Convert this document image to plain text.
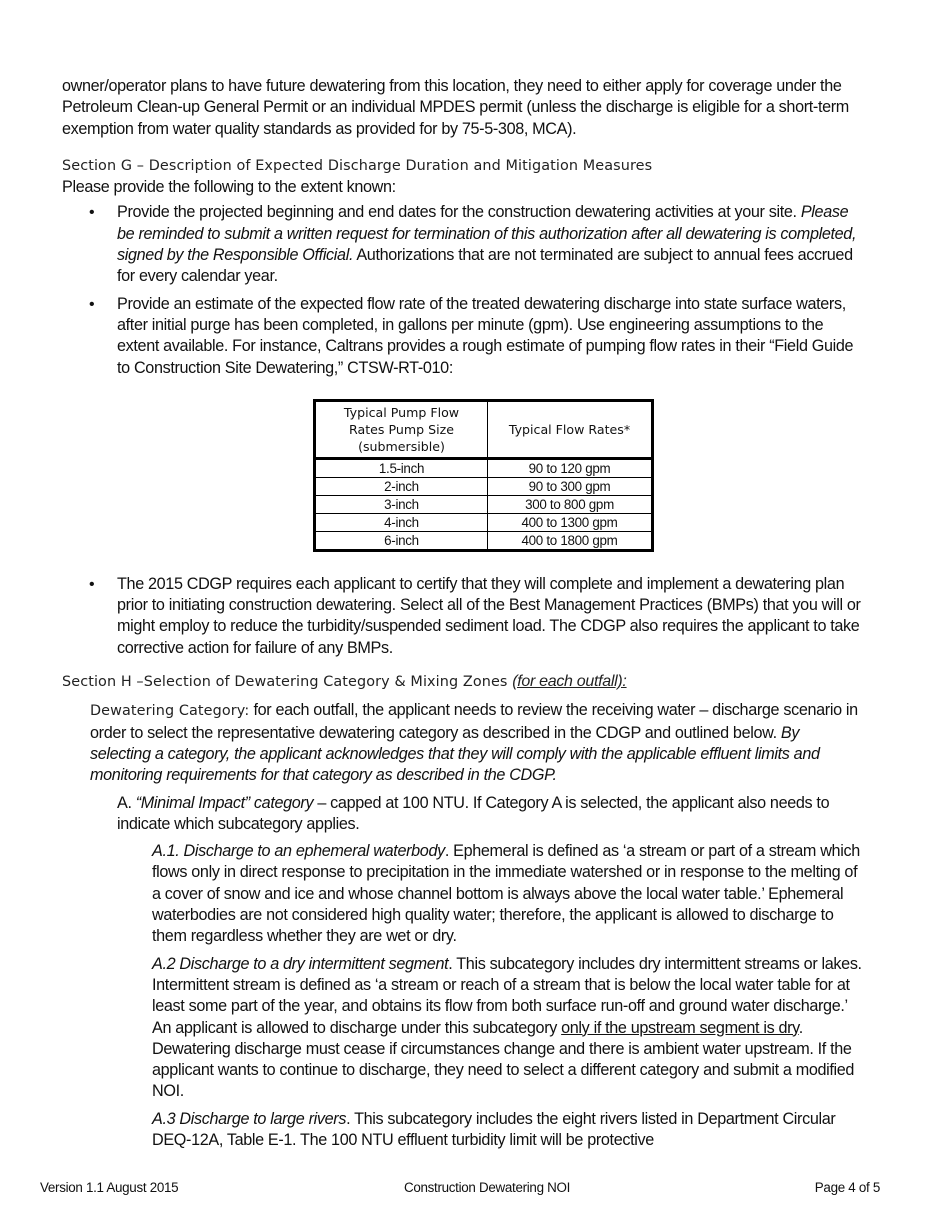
owner/operator plans to have future dewatering from this location, they need to either apply for coverage under the Petroleum Clean-up General Permit or an individual MPDES permit (unless the discharge is eligible for a short-term exemption from water quality standards as provided for by 75-5-308, MCA).

Section G – Description of Expected Discharge Duration and Mitigation Measures

Please provide the following to the extent known:

• Provide the projected beginning and end dates for the construction dewatering activities at your site. Please be reminded to submit a written request for termination of this authorization after all dewatering is completed, signed by the Responsible Official. Authorizations that are not terminated are subject to annual fees accrued for every calendar year.
• Provide an estimate of the expected flow rate of the treated dewatering discharge into state surface waters, after initial purge has been completed, in gallons per minute (gpm). Use engineering assumptions to the extent available. For instance, Caltrans provides a rough estimate of pumping flow rates in their “Field Guide to Construction Site Dewatering,” CTSW-RT-010:
Typical Pump Flow
Rates Pump Size
(submersible)	Typical Flow Rates*
1.5-inch	90 to 120 gpm
2-inch	90 to 300 gpm
3-inch	300 to 800 gpm
4-inch	400 to 1300 gpm
6-inch	400 to 1800 gpm
• The 2015 CDGP requires each applicant to certify that they will complete and implement a dewatering plan prior to initiating construction dewatering. Select all of the Best Management Practices (BMPs) that you will or might employ to reduce the turbidity/suspended sediment load. The CDGP also requires the applicant to take corrective action for failure of any BMPs.

Section H –Selection of Dewatering Category & Mixing Zones (for each outfall):

Dewatering Category: for each outfall, the applicant needs to review the receiving water – discharge scenario in order to select the representative dewatering category as described in the CDGP and outlined below. By selecting a category, the applicant acknowledges that they will comply with the applicable effluent limits and monitoring requirements for that category as described in the CDGP.

A. “Minimal Impact” category – capped at 100 NTU. If Category A is selected, the applicant also needs to indicate which subcategory applies.

A.1. Discharge to an ephemeral waterbody. Ephemeral is defined as ‘a stream or part of a stream which flows only in direct response to precipitation in the immediate watershed or in response to the melting of a cover of snow and ice and whose channel bottom is always above the local water table.’ Ephemeral waterbodies are not considered high quality water; therefore, the applicant is allowed to discharge to them regardless whether they are wet or dry.

A.2 Discharge to a dry intermittent segment. This subcategory includes dry intermittent streams or lakes. Intermittent stream is defined as ‘a stream or reach of a stream that is below the local water table for at least some part of the year, and obtains its flow from both surface run-off and ground water discharge.’ An applicant is allowed to discharge under this subcategory only if the upstream segment is dry. Dewatering discharge must cease if circumstances change and there is ambient water upstream. If the applicant wants to continue to discharge, they need to select a different category and submit a modified NOI.

A.3 Discharge to large rivers. This subcategory includes the eight rivers listed in Department Circular DEQ-12A, Table E-1. The 100 NTU effluent turbidity limit will be protective

Version 1.1 August 2015	Construction Dewatering NOI	Page 4 of 5
